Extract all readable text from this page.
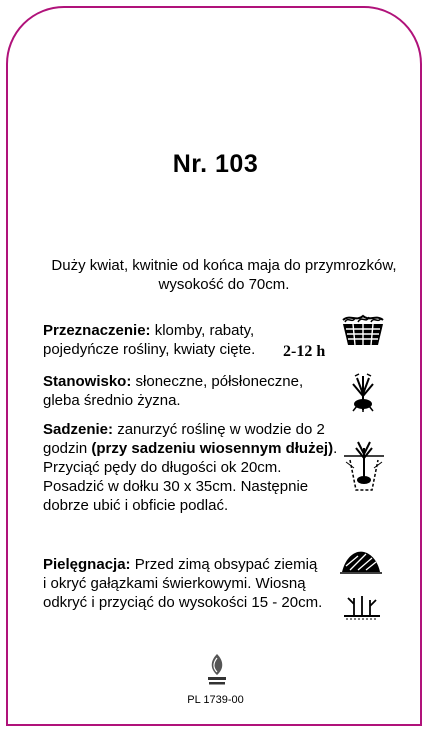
Nr. 103
Duży kwiat, kwitnie od końca maja do przymrozków, wysokość do 70cm.
Przeznaczenie: klomby, rabaty, pojedyńcze rośliny, kwiaty cięte.	2-12 h
Stanowisko: słoneczne, półsłoneczne, gleba średnio żyzna.
Sadzenie: zanurzyć roślinę w wodzie do 2 godzin (przy sadzeniu wiosennym dłużej). Przyciąć pędy do długości ok 20cm. Posadzić w dołku 30 x 35cm. Następnie dobrze ubić i obficie podlać.
Pielęgnacja: Przed zimą obsypać ziemią i okryć gałązkami świerkowymi. Wiosną odkryć i przyciąć do wysokości 15 - 20cm.
PL 1739-00
